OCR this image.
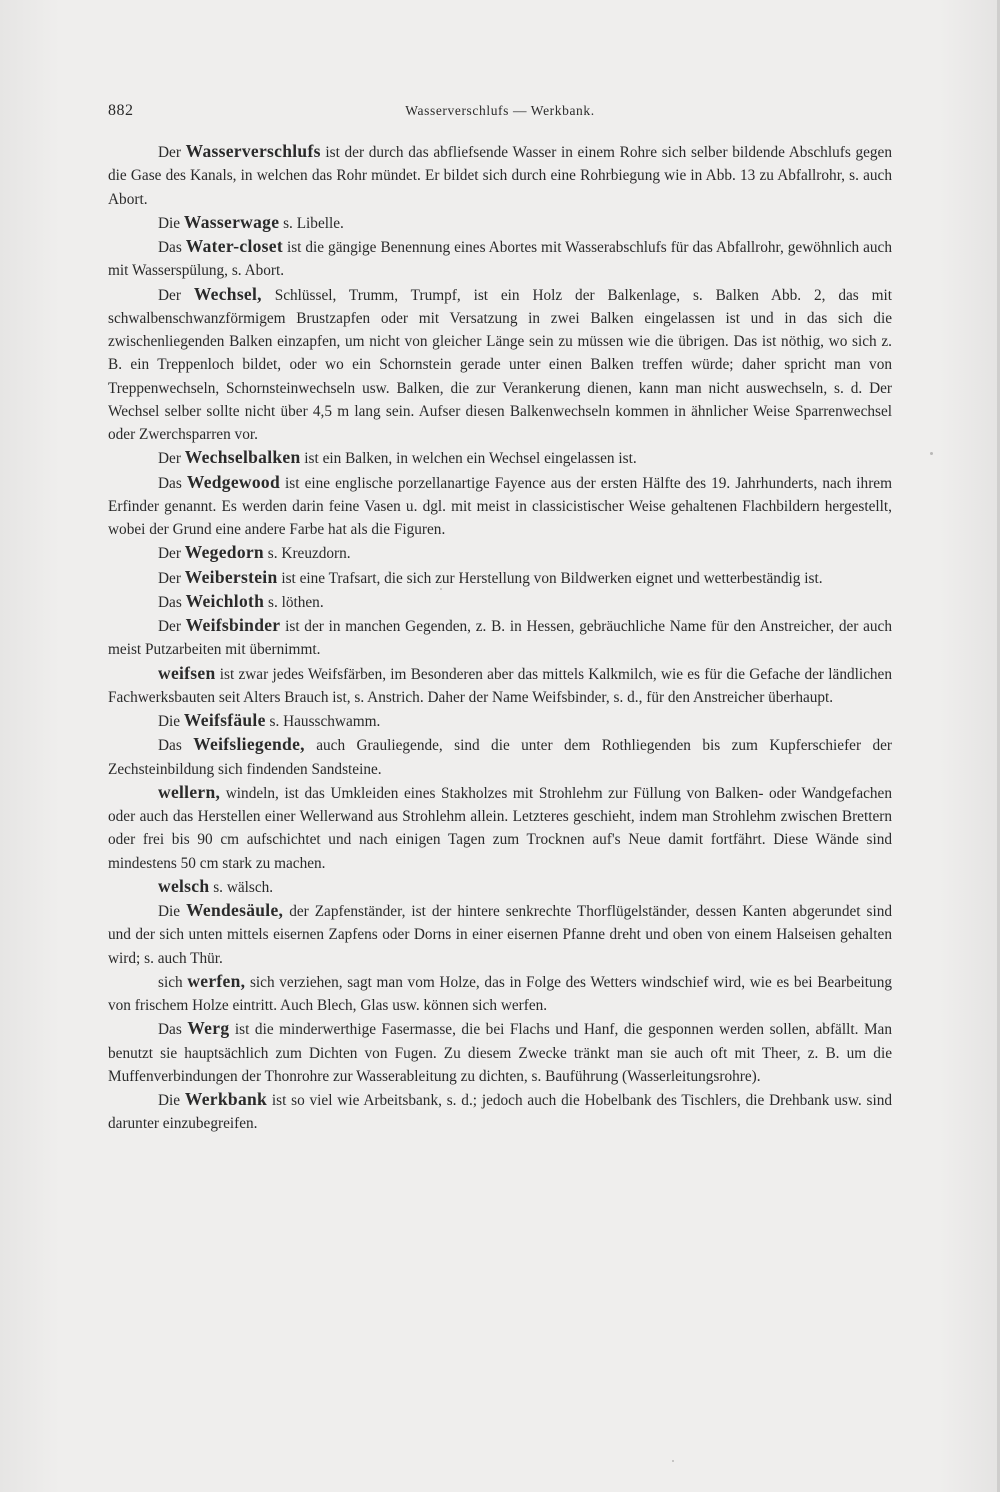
882	Wasserverschlufs — Werkbank.

Der Wasserverschlufs ist der durch das abfliefsende Wasser in einem Rohre sich selber bildende Abschlufs gegen die Gase des Kanals, in welchen das Rohr mündet. Er bildet sich durch eine Rohrbiegung wie in Abb. 13 zu Abfallrohr, s. auch Abort.

Die Wasserwage s. Libelle.

Das Water-closet ist die gängige Benennung eines Abortes mit Wasserabschlufs für das Abfallrohr, gewöhnlich auch mit Wasserspülung, s. Abort.

Der Wechsel, Schlüssel, Trumm, Trumpf, ist ein Holz der Balkenlage, s. Balken Abb. 2, das mit schwalbenschwanzförmigem Brustzapfen oder mit Versatzung in zwei Balken eingelassen ist und in das sich die zwischenliegenden Balken einzapfen, um nicht von gleicher Länge sein zu müssen wie die übrigen. Das ist nöthig, wo sich z. B. ein Treppenloch bildet, oder wo ein Schornstein gerade unter einen Balken treffen würde; daher spricht man von Treppenwechseln, Schornsteinwechseln usw. Balken, die zur Verankerung dienen, kann man nicht auswechseln, s. d. Der Wechsel selber sollte nicht über 4,5 m lang sein. Aufser diesen Balkenwechseln kommen in ähnlicher Weise Sparrenwechsel oder Zwerchsparren vor.

Der Wechselbalken ist ein Balken, in welchen ein Wechsel eingelassen ist.

Das Wedgewood ist eine englische porzellanartige Fayence aus der ersten Hälfte des 19. Jahrhunderts, nach ihrem Erfinder genannt. Es werden darin feine Vasen u. dgl. mit meist in classicistischer Weise gehaltenen Flachbildern hergestellt, wobei der Grund eine andere Farbe hat als die Figuren.

Der Wegedorn s. Kreuzdorn.

Der Weiberstein ist eine Trafsart, die sich zur Herstellung von Bildwerken eignet und wetterbeständig ist.

Das Weichloth s. löthen.

Der Weifsbinder ist der in manchen Gegenden, z. B. in Hessen, gebräuchliche Name für den Anstreicher, der auch meist Putzarbeiten mit übernimmt.

weifsen ist zwar jedes Weifsfärben, im Besonderen aber das mittels Kalkmilch, wie es für die Gefache der ländlichen Fachwerksbauten seit Alters Brauch ist, s. Anstrich. Daher der Name Weifsbinder, s. d., für den Anstreicher überhaupt.

Die Weifsfäule s. Hausschwamm.

Das Weifsliegende, auch Grauliegende, sind die unter dem Rothliegenden bis zum Kupferschiefer der Zechsteinbildung sich findenden Sandsteine.

wellern, windeln, ist das Umkleiden eines Stakholzes mit Strohlehm zur Füllung von Balken- oder Wandgefachen oder auch das Herstellen einer Wellerwand aus Strohlehm allein. Letzteres geschieht, indem man Strohlehm zwischen Brettern oder frei bis 90 cm aufschichtet und nach einigen Tagen zum Trocknen auf's Neue damit fortfährt. Diese Wände sind mindestens 50 cm stark zu machen.

welsch s. wälsch.

Die Wendesäule, der Zapfenständer, ist der hintere senkrechte Thorflügelständer, dessen Kanten abgerundet sind und der sich unten mittels eisernen Zapfens oder Dorns in einer eisernen Pfanne dreht und oben von einem Halseisen gehalten wird; s. auch Thür.

sich werfen, sich verziehen, sagt man vom Holze, das in Folge des Wetters windschief wird, wie es bei Bearbeitung von frischem Holze eintritt. Auch Blech, Glas usw. können sich werfen.

Das Werg ist die minderwerthige Fasermasse, die bei Flachs und Hanf, die gesponnen werden sollen, abfällt. Man benutzt sie hauptsächlich zum Dichten von Fugen. Zu diesem Zwecke tränkt man sie auch oft mit Theer, z. B. um die Muffenverbindungen der Thonrohre zur Wasserableitung zu dichten, s. Bauführung (Wasserleitungsrohre).

Die Werkbank ist so viel wie Arbeitsbank, s. d.; jedoch auch die Hobelbank des Tischlers, die Drehbank usw. sind darunter einzubegreifen.
